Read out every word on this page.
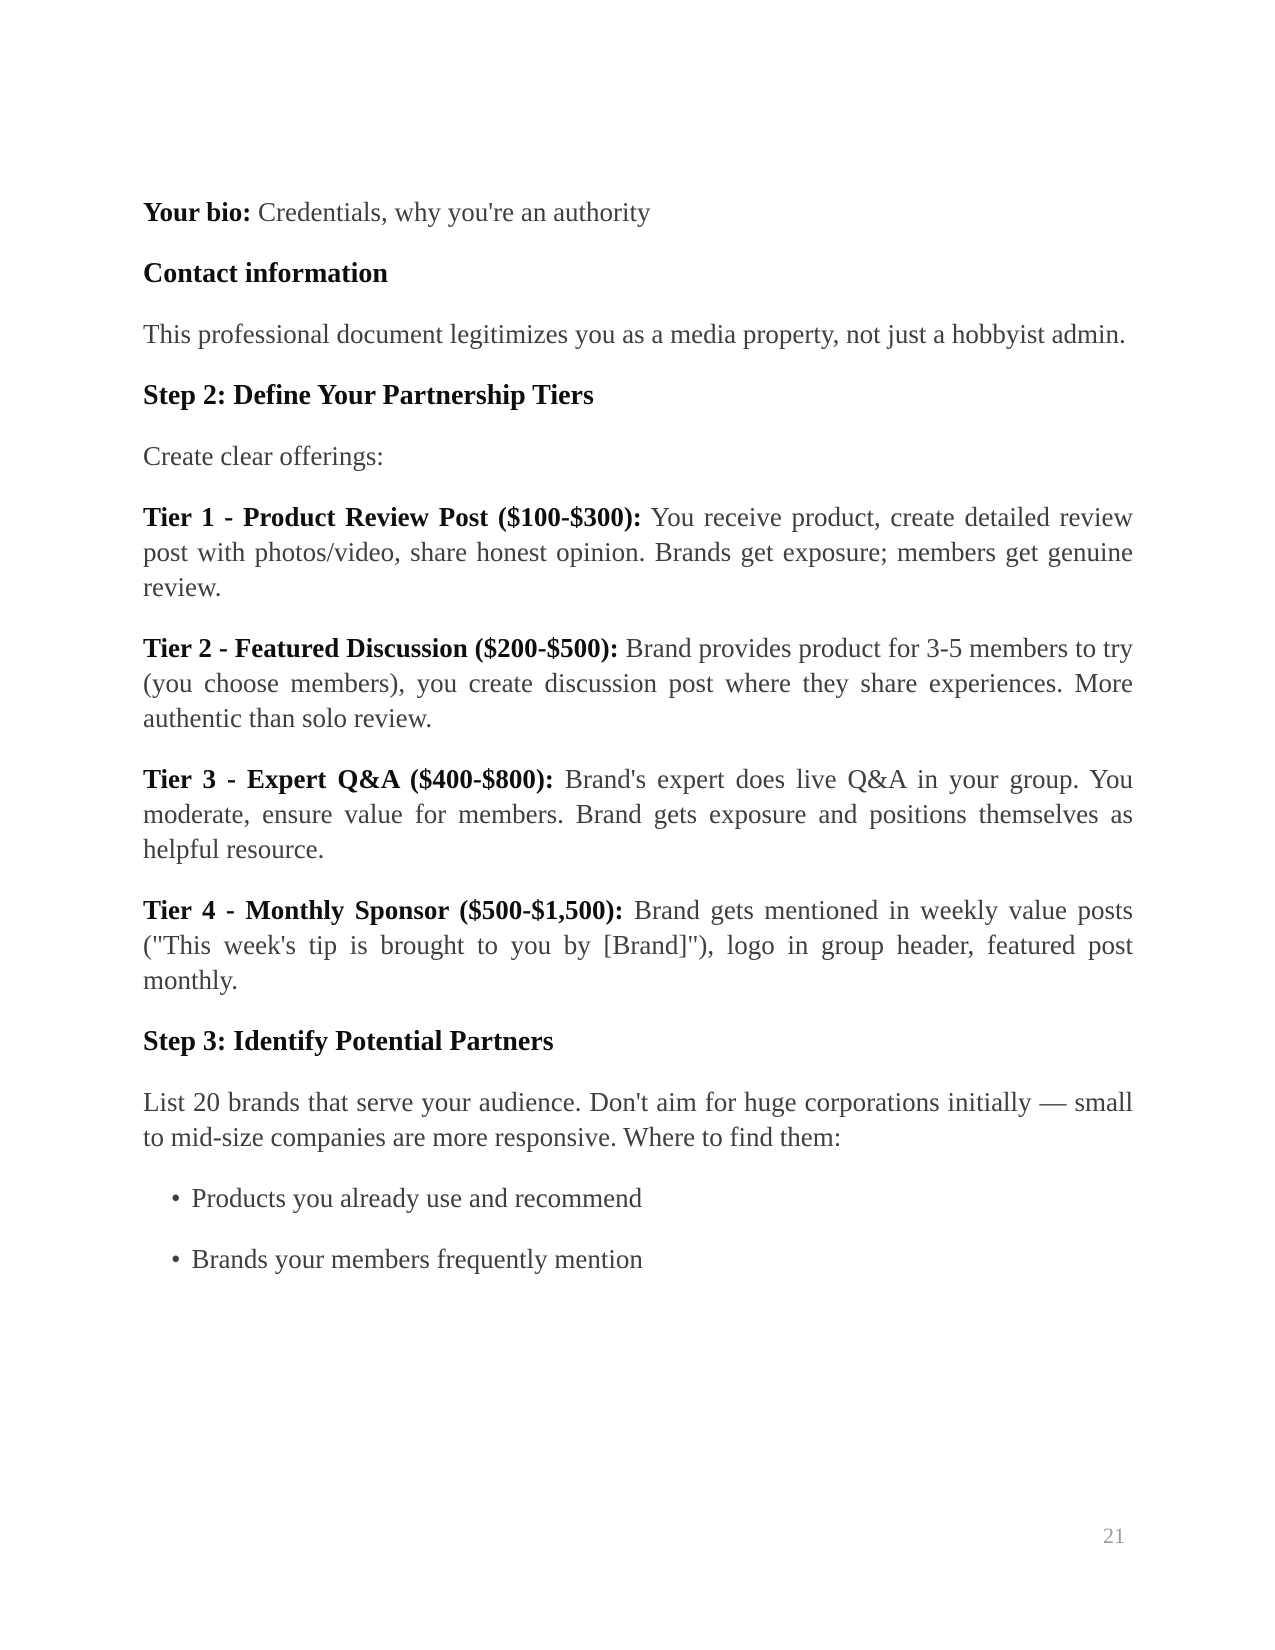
Your bio: Credentials, why you're an authority

Contact information

This professional document legitimizes you as a media property, not just a hobbyist admin.

Step 2: Define Your Partnership Tiers

Create clear offerings:

Tier 1 - Product Review Post ($100-$300): You receive product, create detailed review post with photos/video, share honest opinion. Brands get exposure; members get genuine review.

Tier 2 - Featured Discussion ($200-$500): Brand provides product for 3-5 members to try (you choose members), you create discussion post where they share experiences. More authentic than solo review.

Tier 3 - Expert Q&A ($400-$800): Brand's expert does live Q&A in your group. You moderate, ensure value for members. Brand gets exposure and positions themselves as helpful resource.

Tier 4 - Monthly Sponsor ($500-$1,500): Brand gets mentioned in weekly value posts ("This week's tip is brought to you by [Brand]"), logo in group header, featured post monthly.

Step 3: Identify Potential Partners

List 20 brands that serve your audience. Don't aim for huge corporations initially — small to mid-size companies are more responsive. Where to find them:

• Products you already use and recommend
• Brands your members frequently mention
21
